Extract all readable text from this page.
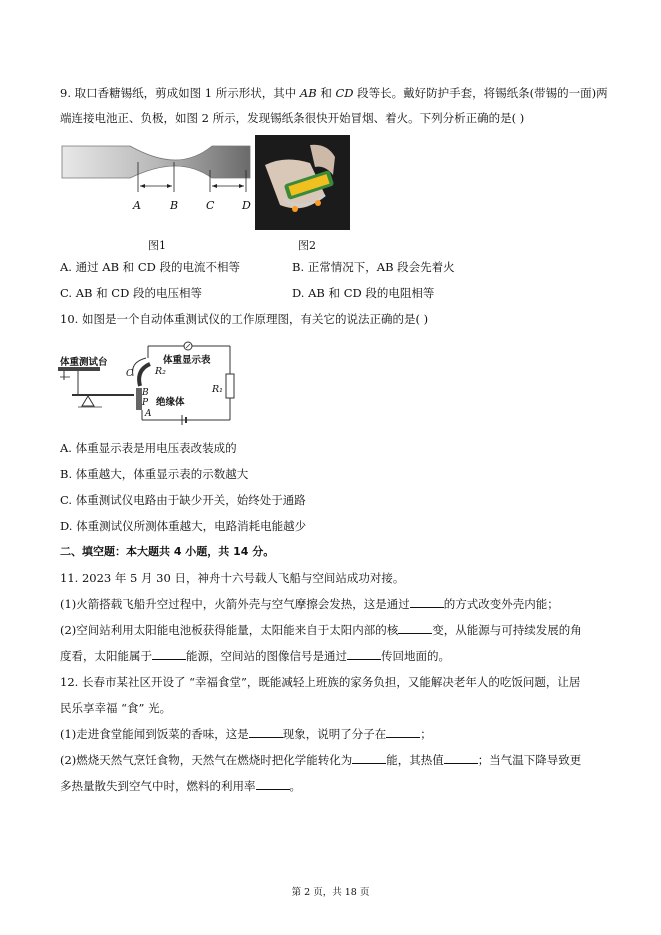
9. 取口香糖锡纸，剪成如图 1 所示形状，其中 AB 和 CD 段等长。戴好防护手套，将锡纸条(带锡的一面)两
端连接电池正、负极，如图 2 所示，发现锡纸条很快开始冒烟、着火。下列分析正确的是( )
A	B	C	D
图1	图2
A. 通过 AB 和 CD 段的电流不相等	B. 正常情况下，AB 段会先着火
C. AB 和 CD 段的电压相等	D. AB 和 CD 段的电阻相等
10. 如图是一个自动体重测试仪的工作原理图，有关它的说法正确的是( )
体重测试台	体重显示表
R₂
R₁
C
B
P
A
绝缘体
A. 体重显示表是用电压表改装成的
B. 体重越大，体重显示表的示数越大
C. 体重测试仪电路由于缺少开关，始终处于通路
D. 体重测试仪所测体重越大，电路消耗电能越少
二、填空题：本大题共 4 小题，共 14 分。
11. 2023 年 5 月 30 日，神舟十六号载人飞船与空间站成功对接。
(1)火箭搭载飞船升空过程中，火箭外壳与空气摩擦会发热，这是通过	的方式改变外壳内能；
(2)空间站利用太阳能电池板获得能量，太阳能来自于太阳内部的核	变，从能源与可持续发展的角
度看，太阳能属于	能源，空间站的图像信号是通过	传回地面的。
12. 长春市某社区开设了 “幸福食堂”，既能减轻上班族的家务负担，又能解决老年人的吃饭问题，让居
民乐享幸福 “食” 光。
(1)走进食堂能闻到饭菜的香味，这是	现象，说明了分子在	；
(2)燃烧天然气烹饪食物，天然气在燃烧时把化学能转化为	能，其热值	；当气温下降导致更
多热量散失到空气中时，燃料的利用率	。
第 2 页，共 18 页
